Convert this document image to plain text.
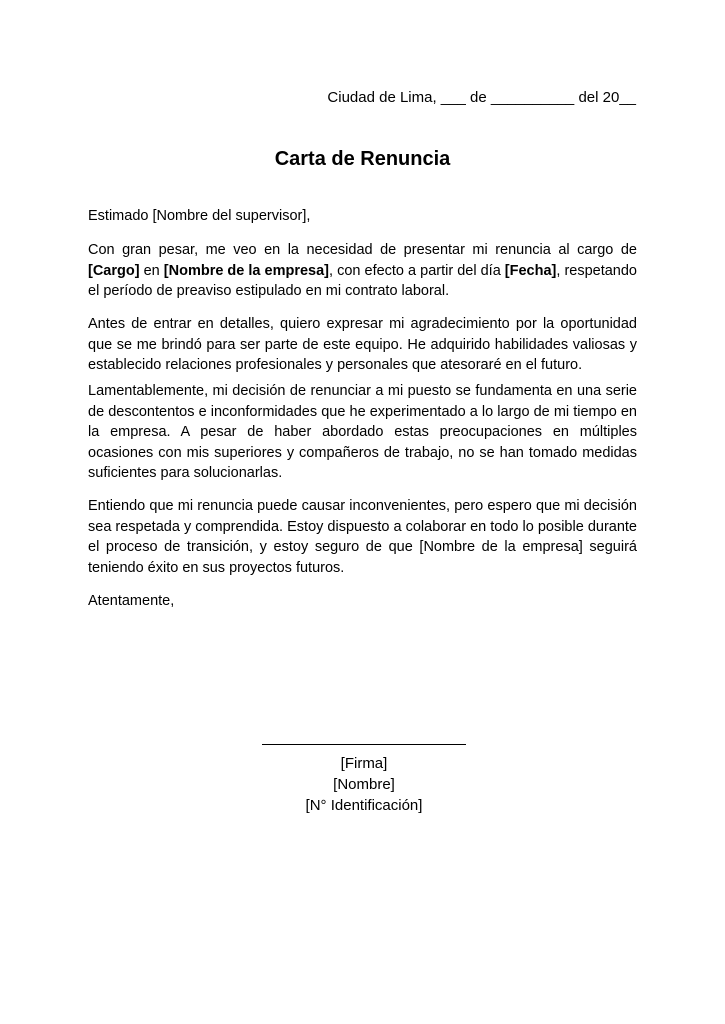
Ciudad de Lima, ___ de __________ del 20__
Carta de Renuncia
Estimado [Nombre del supervisor],
Con gran pesar, me veo en la necesidad de presentar mi renuncia al cargo de [Cargo] en [Nombre de la empresa], con efecto a partir del día [Fecha], respetando el período de preaviso estipulado en mi contrato laboral.
Antes de entrar en detalles, quiero expresar mi agradecimiento por la oportunidad que se me brindó para ser parte de este equipo. He adquirido habilidades valiosas y establecido relaciones profesionales y personales que atesoraré en el futuro.
Lamentablemente, mi decisión de renunciar a mi puesto se fundamenta en una serie de descontentos e inconformidades que he experimentado a lo largo de mi tiempo en la empresa. A pesar de haber abordado estas preocupaciones en múltiples ocasiones con mis superiores y compañeros de trabajo, no se han tomado medidas suficientes para solucionarlas.
Entiendo que mi renuncia puede causar inconvenientes, pero espero que mi decisión sea respetada y comprendida. Estoy dispuesto a colaborar en todo lo posible durante el proceso de transición, y estoy seguro de que [Nombre de la empresa] seguirá teniendo éxito en sus proyectos futuros.
Atentamente,
[Firma]
[Nombre]
[N° Identificación]
